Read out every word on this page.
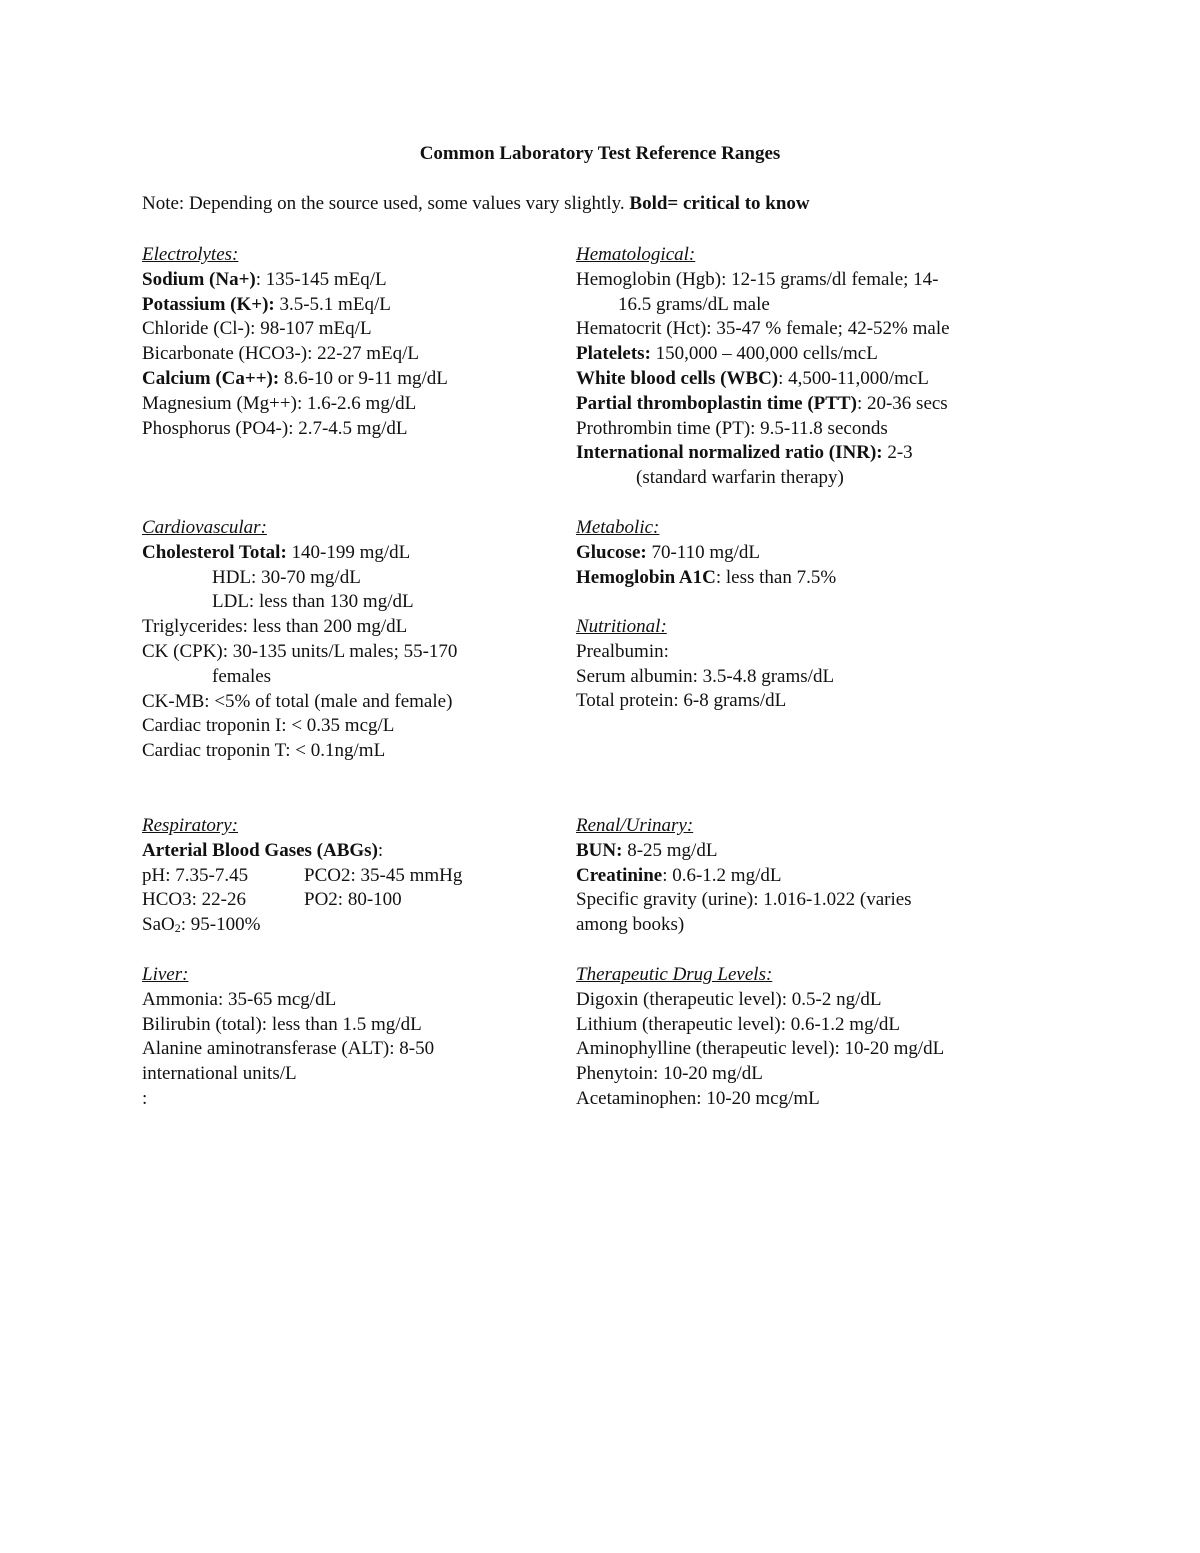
Common Laboratory Test Reference Ranges
Note: Depending on the source used, some values vary slightly. Bold= critical to know
Electrolytes:
Sodium (Na+): 135-145 mEq/L
Potassium (K+): 3.5-5.1 mEq/L
Chloride (Cl-): 98-107 mEq/L
Bicarbonate (HCO3-): 22-27 mEq/L
Calcium (Ca++): 8.6-10 or 9-11 mg/dL
Magnesium (Mg++): 1.6-2.6 mg/dL
Phosphorus (PO4-): 2.7-4.5 mg/dL
Hematological:
Hemoglobin (Hgb): 12-15 grams/dl female; 14-
16.5 grams/dL male
Hematocrit (Hct): 35-47 % female; 42-52% male
Platelets: 150,000 – 400,000 cells/mcL
White blood cells (WBC): 4,500-11,000/mcL
Partial thromboplastin time (PTT): 20-36 secs
Prothrombin time (PT): 9.5-11.8 seconds
International normalized ratio (INR): 2-3
(standard warfarin therapy)
Cardiovascular:
Cholesterol Total: 140-199 mg/dL
HDL: 30-70 mg/dL
LDL: less than 130 mg/dL
Triglycerides: less than 200 mg/dL
CK (CPK): 30-135 units/L males; 55-170
females
CK-MB: <5% of total (male and female)
Cardiac troponin I: < 0.35 mcg/L
Cardiac troponin T: < 0.1ng/mL
Metabolic:
Glucose: 70-110 mg/dL
Hemoglobin A1C: less than 7.5%
Nutritional:
Prealbumin:
Serum albumin: 3.5-4.8 grams/dL
Total protein: 6-8 grams/dL
Respiratory:
Arterial Blood Gases (ABGs):
pH: 7.35-7.45	PCO2: 35-45 mmHg
HCO3: 22-26	PO2: 80-100
SaO$_2$: 95-100%
Renal/Urinary:
BUN: 8-25 mg/dL
Creatinine: 0.6-1.2 mg/dL
Specific gravity (urine): 1.016-1.022 (varies
among books)
Liver:
Ammonia: 35-65 mcg/dL
Bilirubin (total): less than 1.5 mg/dL
Alanine aminotransferase (ALT): 8-50
international units/L
:
Therapeutic Drug Levels:
Digoxin (therapeutic level): 0.5-2 ng/dL
Lithium (therapeutic level): 0.6-1.2 mg/dL
Aminophylline (therapeutic level): 10-20 mg/dL
Phenytoin: 10-20 mg/dL
Acetaminophen: 10-20 mcg/mL
